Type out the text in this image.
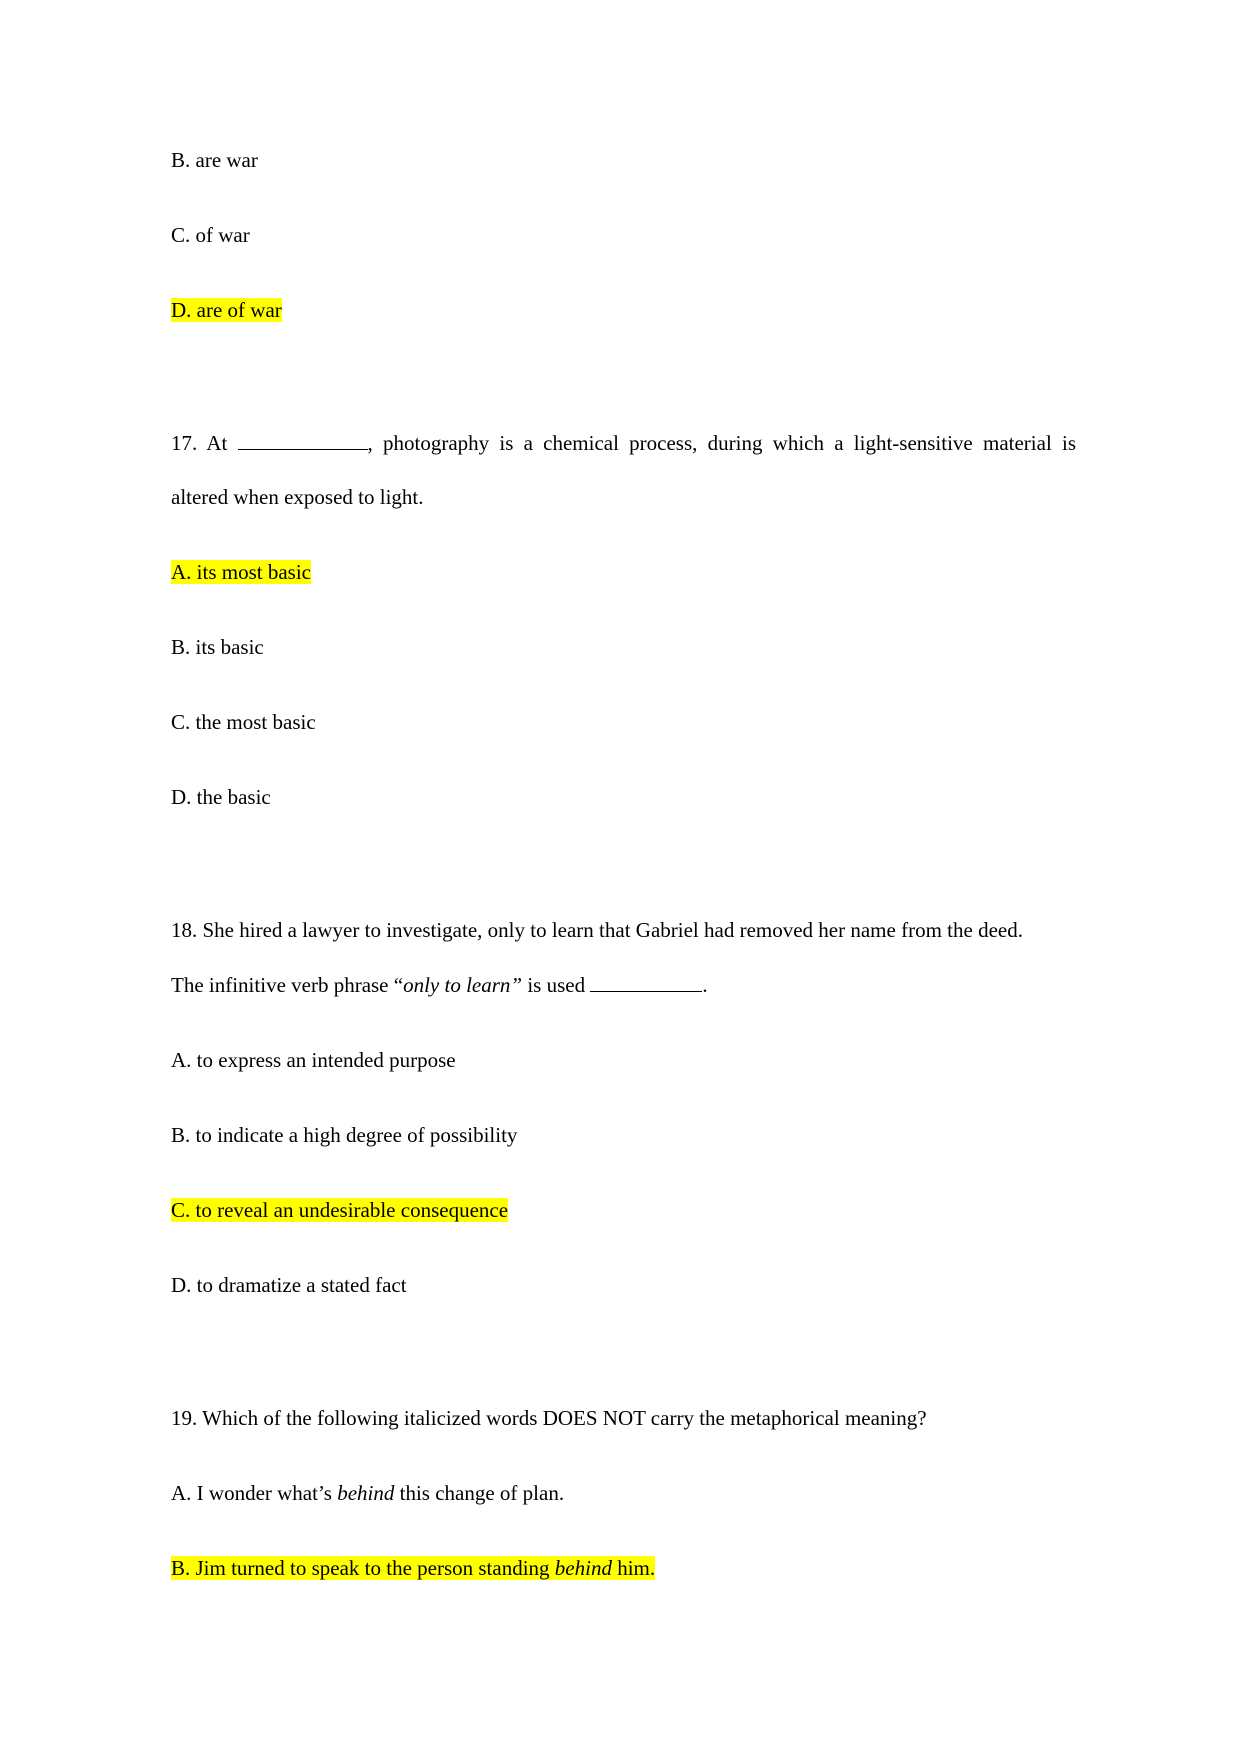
B. are war

C. of war

D. are of war

17. At	, photography is a chemical process, during which a light-sensitive material is

altered when exposed to light.

A. its most basic

B. its basic

C. the most basic

D. the basic

18. She hired a lawyer to investigate, only to learn that Gabriel had removed her name from the deed.

The infinitive verb phrase “only to learn” is used	.

A. to express an intended purpose

B. to indicate a high degree of possibility

C. to reveal an undesirable consequence

D. to dramatize a stated fact

19. Which of the following italicized words DOES NOT carry the metaphorical meaning?

A. I wonder what’s behind this change of plan.

B. Jim turned to speak to the person standing behind him.
